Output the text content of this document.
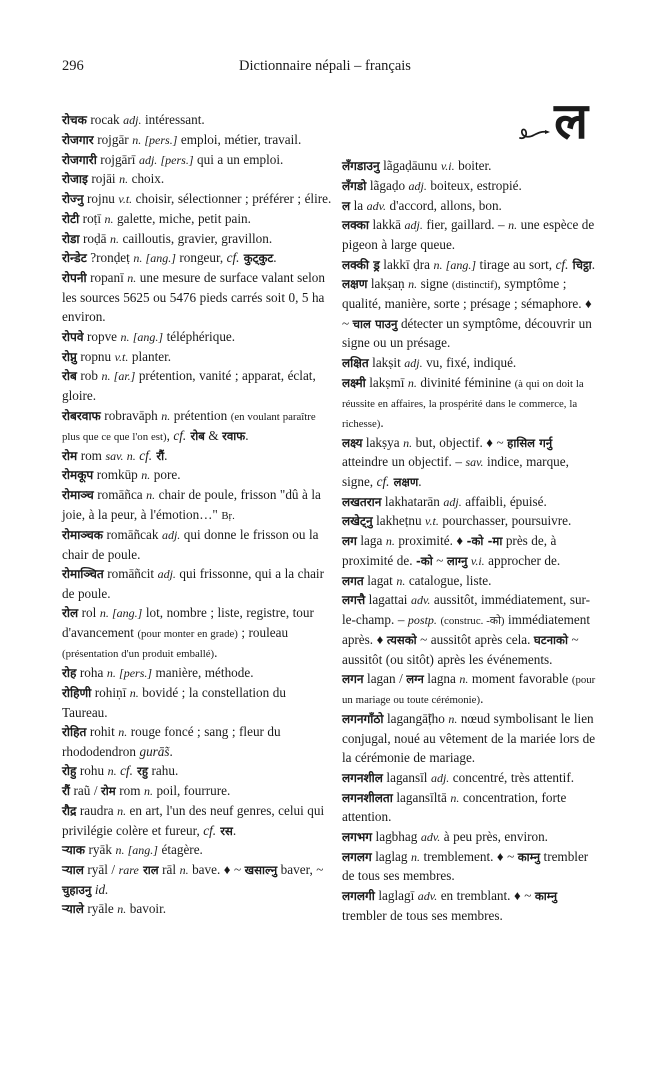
296	Dictionnaire népali – français

रोचक rocak adj. intéressant.

रोजगार rojgār n. [pers.] emploi, métier, travail.

रोजगारी rojgārī adj. [pers.] qui a un emploi.

रोजाइ rojāi n. choix.

रोज्नु rojnu v.t. choisir, sélectionner ; préférer ; élire.

रोटी roṭī n. galette, miche, petit pain.

रोडा roḍā n. cailloutis, gravier, gravillon.

रोन्डेट ?ronḍeṭ n. [ang.] rongeur, cf. कुट्कुट.

रोपनी ropanī n. une mesure de surface valant selon les sources 5625 ou 5476 pieds carrés soit 0, 5 ha environ.

रोपवे ropve n. [ang.] téléphérique.

रोप्नु ropnu v.t. planter.

रोब rob n. [ar.] prétention, vanité ; apparat, éclat, gloire.

रोबरवाफ robravāph n. prétention (en voulant paraître plus que ce que l'on est), cf. रोब & रवाफ.

रोम rom sav. n. cf. रौं.

रोमकूप romkūp n. pore.

रोमाञ्च romāñca n. chair de poule, frisson "dû à la joie, à la peur, à l'émotion…" Bṛ.

रोमाञ्चक romāñcak adj. qui donne le frisson ou la chair de poule.

रोमाञ्चित romāñcit adj. qui frissonne, qui a la chair de poule.

रोल rol n. [ang.] lot, nombre ; liste, registre, tour d'avancement (pour monter en grade) ; rouleau (présentation d'un produit emballé).

रोह roha n. [pers.] manière, méthode.

रोहिणी rohiṇī n. bovidé ; la constellation du Taureau.

रोहित rohit n. rouge foncé ; sang ; fleur du rhododendron gurā̃s.

रोहु rohu n. cf. रहु rahu.

रौं raũ / रोम rom n. poil, fourrure.

रौद्र raudra n. en art, l'un des neuf genres, celui qui privilégie colère et fureur, cf. रस.

ऱ्याक ryāk n. [ang.] étagère.

ऱ्याल ryāl / rare राल rāl n. bave. ♦ ~ खसाल्नु baver, ~ चुहाउनु id.

ऱ्याले ryāle n. bavoir.

ल

लँगडाउनु lãgaḍāunu v.i. boiter.

लँगडो lãgaḍo adj. boiteux, estropié.

ल la adv. d'accord, allons, bon.

लक्का lakkā adj. fier, gaillard. – n. une espèce de pigeon à large queue.

लक्की ड्र lakkī ḍra n. [ang.] tirage au sort, cf. चिट्ठा.

लक्षण lakṣaṇ n. signe (distinctif), symptôme ; qualité, manière, sorte ; présage ; sémaphore. ♦ ~ चाल पाउनु détecter un symptôme, découvrir un signe ou un présage.

लक्षित lakṣit adj. vu, fixé, indiqué.

लक्ष्मी lakṣmī n. divinité féminine (à qui on doit la réussite en affaires, la prospérité dans le commerce, la richesse).

लक्ष्य lakṣya n. but, objectif. ♦ ~ हासिल गर्नु atteindre un objectif. – sav. indice, marque, signe, cf. लक्षण.

लखतरान lakhatarān adj. affaibli, épuisé.

लखेट्नु lakheṭnu v.t. pourchasser, poursuivre.

लग laga n. proximité. ♦ -को -मा près de, à proximité de. -को ~ लाग्नु v.i. approcher de.

लगत lagat n. catalogue, liste.

लगत्तै lagattai adv. aussitôt, immédiatement, sur-le-champ. – postp. (construc. -को) immédiatement après. ♦ त्यसको ~ aussitôt après cela. घटनाको ~ aussitôt (ou sitôt) après les événements.

लगन lagan / लग्न lagna n. moment favorable (pour un mariage ou toute cérémonie).

लगनगाँठो lagangā̃ṭho n. nœud symbolisant le lien conjugal, noué au vêtement de la mariée lors de la cérémonie de mariage.

लगनशील lagansīl adj. concentré, très attentif.

लगनशीलता lagansīltā n. concentration, forte attention.

लगभग lagbhag adv. à peu près, environ.

लगलग laglag n. tremblement. ♦ ~ काम्नु trembler de tous ses membres.

लगलगी laglagī adv. en tremblant. ♦ ~ काम्नु trembler de tous ses membres.
